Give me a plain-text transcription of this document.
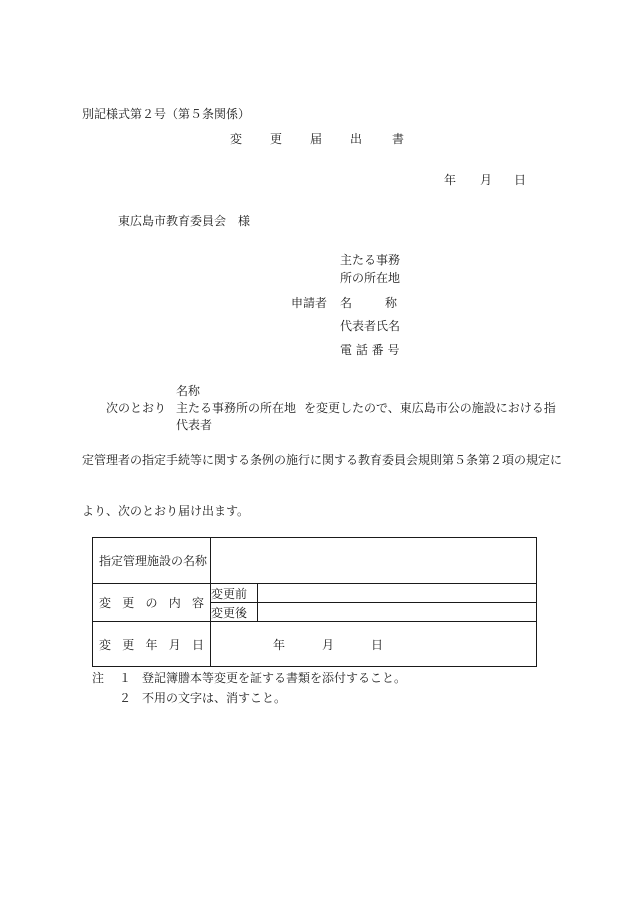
別記様式第２号（第５条関係）
変 更 届 出 書
年 月 日
東広島市教育委員会　様
主たる事務
所の所在地
申請者 名	称
代表者氏名
電 話 番 号
名称
次のとおり 主たる事務所の所在地 を変更したので、東広島市公の施設における指
代表者
定管理者の指定手続等に関する条例の施行に関する教育委員会規則第５条第２項の規定に
より、次のとおり届け出ます。
指定管理施設の名称		

変 更 の 内 容	変更前	
	変更後	

変 更 年 月 日	年 月 日	
注 １ 登記簿謄本等変更を証する書類を添付すること。
２ 不用の文字は、消すこと。
